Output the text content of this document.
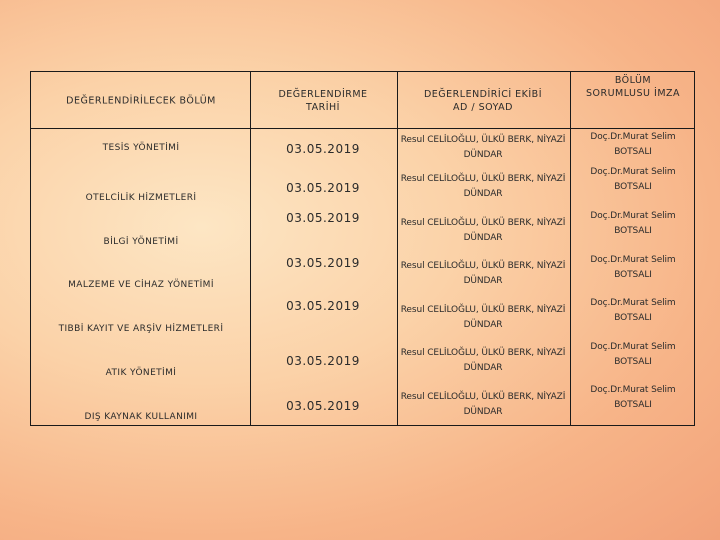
DEĞERLENDİRİLECEK BÖLÜM
DEĞERLENDİRME
TARİHİ
DEĞERLENDİRİCİ EKİBİ
AD / SOYAD
BÖLÜM
SORUMLUSU İMZA
TESİS YÖNETİMİ
OTELCİLİK HİZMETLERİ
BİLGİ YÖNETİMİ
MALZEME VE CİHAZ YÖNETİMİ
TIBBİ KAYIT VE ARŞİV HİZMETLERİ
ATIK YÖNETİMİ
DIŞ KAYNAK KULLANIMI
03.05.2019
03.05.2019
03.05.2019
03.05.2019
03.05.2019
03.05.2019
03.05.2019
Resul CELİLOĞLU, ÜLKÜ BERK, NİYAZİ
DÜNDAR
Resul CELİLOĞLU, ÜLKÜ BERK, NİYAZİ
DÜNDAR
Resul CELİLOĞLU, ÜLKÜ BERK, NİYAZİ
DÜNDAR
Resul CELİLOĞLU, ÜLKÜ BERK, NİYAZİ
DÜNDAR
Resul CELİLOĞLU, ÜLKÜ BERK, NİYAZİ
DÜNDAR
Resul CELİLOĞLU, ÜLKÜ BERK, NİYAZİ
DÜNDAR
Resul CELİLOĞLU, ÜLKÜ BERK, NİYAZİ
DÜNDAR
Doç.Dr.Murat Selim
BOTSALI
Doç.Dr.Murat Selim
BOTSALI
Doç.Dr.Murat Selim
BOTSALI
Doç.Dr.Murat Selim
BOTSALI
Doç.Dr.Murat Selim
BOTSALI
Doç.Dr.Murat Selim
BOTSALI
Doç.Dr.Murat Selim
BOTSALI
